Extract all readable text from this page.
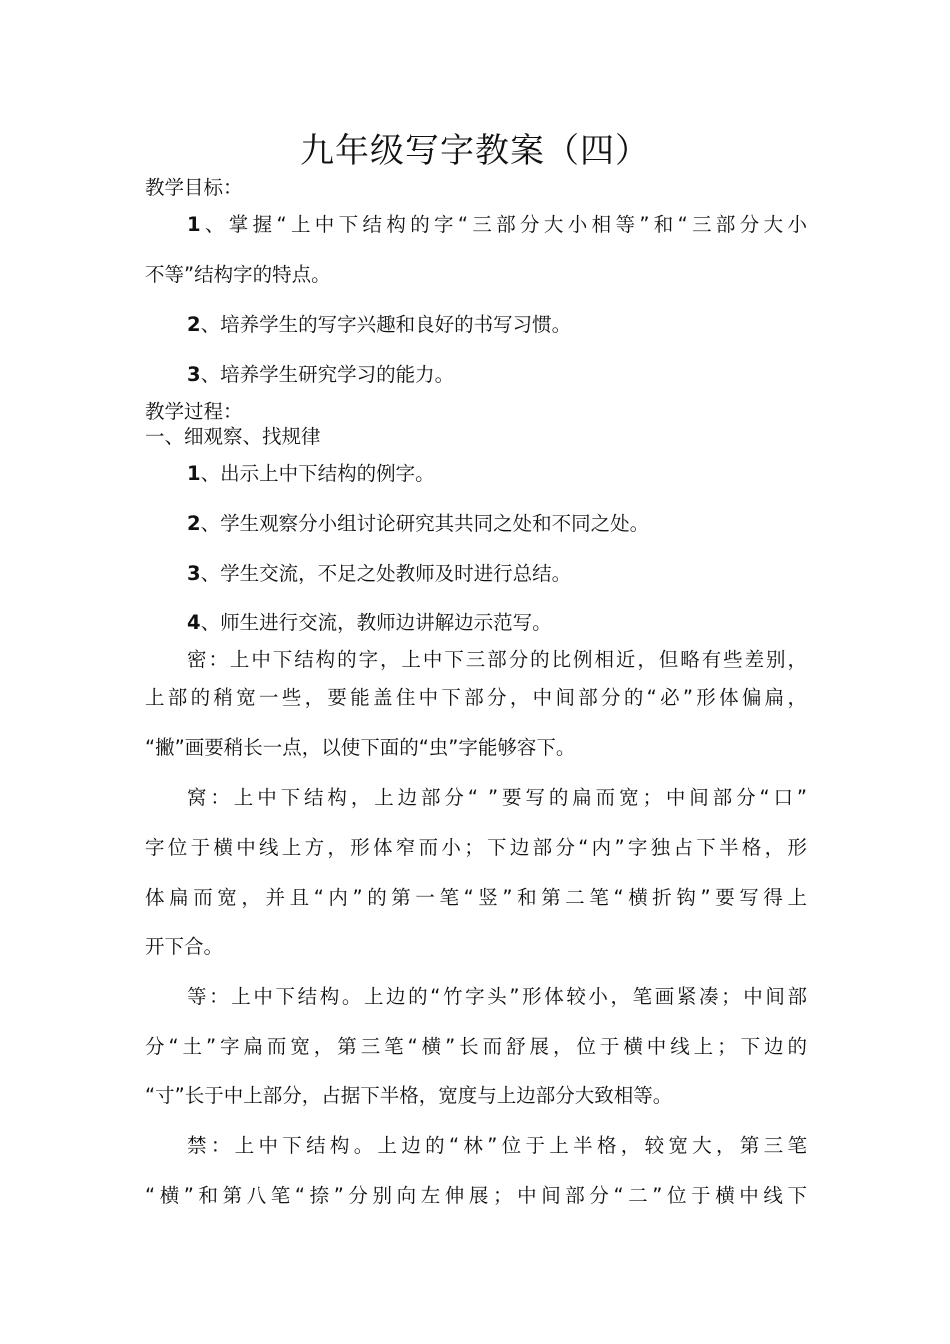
九年级写字教案（四）
教学目标：
1、掌握“上中下结构的字“三部分大小相等”和“三部分大小
不等”结构字的特点。
2、培养学生的写字兴趣和良好的书写习惯。
3、培养学生研究学习的能力。
教学过程：
一、细观察、找规律
1、出示上中下结构的例字。
2、学生观察分小组讨论研究其共同之处和不同之处。
3、学生交流，不足之处教师及时进行总结。
4、师生进行交流，教师边讲解边示范写。
密：上中下结构的字，上中下三部分的比例相近，但略有些差别，
上部的稍宽一些，要能盖住中下部分，中间部分的“必”形体偏扁，
“撇”画要稍长一点，以使下面的“虫”字能够容下。
窝：上中下结构，上边部分“ ”要写的扁而宽；中间部分“口”
字位于横中线上方，形体窄而小；下边部分“内”字独占下半格，形
体扁而宽，并且“内”的第一笔“竖”和第二笔“横折钩”要写得上
开下合。
等：上中下结构。上边的“竹字头”形体较小，笔画紧凑；中间部
分“土”字扁而宽，第三笔“横”长而舒展，位于横中线上；下边的
“寸”长于中上部分，占据下半格，宽度与上边部分大致相等。
禁：上中下结构。上边的“林”位于上半格，较宽大，第三笔
“横”和第八笔“捺”分别向左伸展；中间部分“二”位于横中线下
